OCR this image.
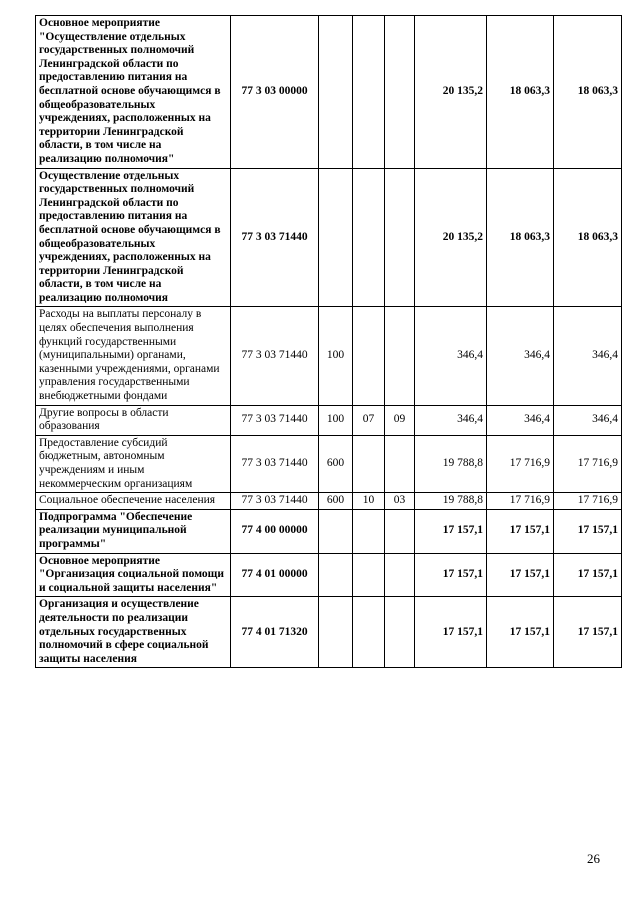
Основное мероприятие "Осуществление отдельных государственных полномочий Ленинградской области по предоставлению питания на бесплатной основе обучающимся в общеобразовательных учреждениях, расположенных на территории Ленинградской области, в том числе на реализацию полномочия"	77 3 03 00000				20 135,2	18 063,3	18 063,3
Осуществление отдельных государственных полномочий Ленинградской области по предоставлению питания на бесплатной основе обучающимся в общеобразовательных учреждениях, расположенных на территории Ленинградской области, в том числе на реализацию полномочия	77 3 03 71440				20 135,2	18 063,3	18 063,3
Расходы на выплаты персоналу в целях обеспечения выполнения функций государственными (муниципальными) органами, казенными учреждениями, органами управления государственными внебюджетными фондами	77 3 03 71440	100			346,4	346,4	346,4
Другие вопросы в области образования	77 3 03 71440	100	07	09	346,4	346,4	346,4
Предоставление субсидий бюджетным, автономным учреждениям и иным некоммерческим организациям	77 3 03 71440	600			19 788,8	17 716,9	17 716,9
Социальное обеспечение населения	77 3 03 71440	600	10	03	19 788,8	17 716,9	17 716,9
Подпрограмма "Обеспечение реализации муниципальной программы"	77 4 00 00000				17 157,1	17 157,1	17 157,1
Основное мероприятие "Организация социальной помощи и социальной защиты населения"	77 4 01 00000				17 157,1	17 157,1	17 157,1
Организация и осуществление деятельности по реализации отдельных государственных полномочий в сфере социальной защиты населения	77 4 01 71320				17 157,1	17 157,1	17 157,1
26
